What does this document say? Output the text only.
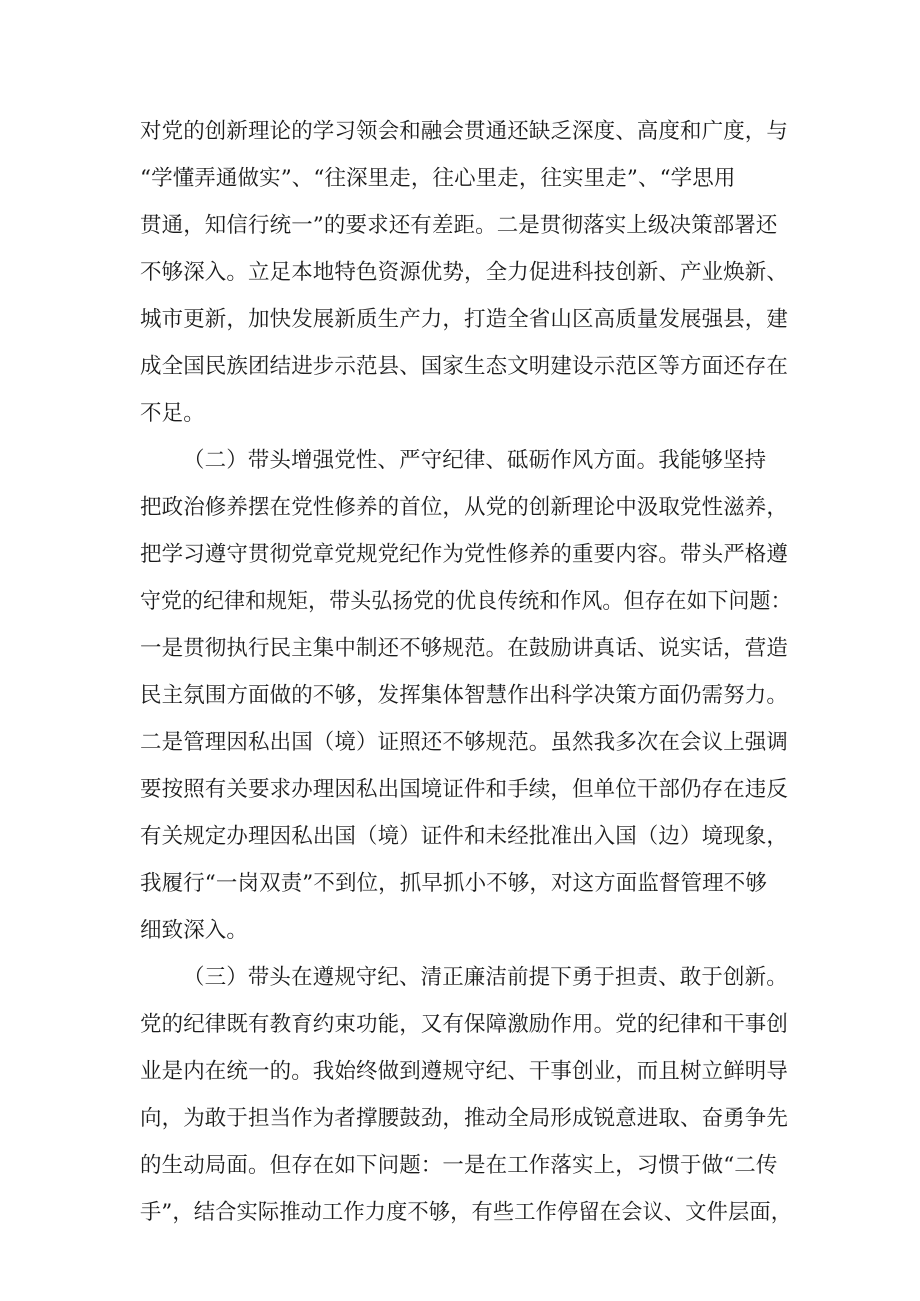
对党的创新理论的学习领会和融会贯通还缺乏深度、高度和广度，与
“学懂弄通做实”、“往深里走，往心里走，往实里走”、“学思用
贯通，知信行统一”的要求还有差距。二是贯彻落实上级决策部署还
不够深入。立足本地特色资源优势，全力促进科技创新、产业焕新、
城市更新，加快发展新质生产力，打造全省山区高质量发展强县，建
成全国民族团结进步示范县、国家生态文明建设示范区等方面还存在
不足。
（二）带头增强党性、严守纪律、砥砺作风方面。我能够坚持
把政治修养摆在党性修养的首位，从党的创新理论中汲取党性滋养，
把学习遵守贯彻党章党规党纪作为党性修养的重要内容。带头严格遵
守党的纪律和规矩，带头弘扬党的优良传统和作风。但存在如下问题：
一是贯彻执行民主集中制还不够规范。在鼓励讲真话、说实话，营造
民主氛围方面做的不够，发挥集体智慧作出科学决策方面仍需努力。
二是管理因私出国（境）证照还不够规范。虽然我多次在会议上强调
要按照有关要求办理因私出国境证件和手续，但单位干部仍存在违反
有关规定办理因私出国（境）证件和未经批准出入国（边）境现象，
我履行“一岗双责”不到位，抓早抓小不够，对这方面监督管理不够
细致深入。
（三）带头在遵规守纪、清正廉洁前提下勇于担责、敢于创新。
党的纪律既有教育约束功能，又有保障激励作用。党的纪律和干事创
业是内在统一的。我始终做到遵规守纪、干事创业，而且树立鲜明导
向，为敢于担当作为者撑腰鼓劲，推动全局形成锐意进取、奋勇争先
的生动局面。但存在如下问题：一是在工作落实上，习惯于做“二传
手”，结合实际推动工作力度不够，有些工作停留在会议、文件层面，
